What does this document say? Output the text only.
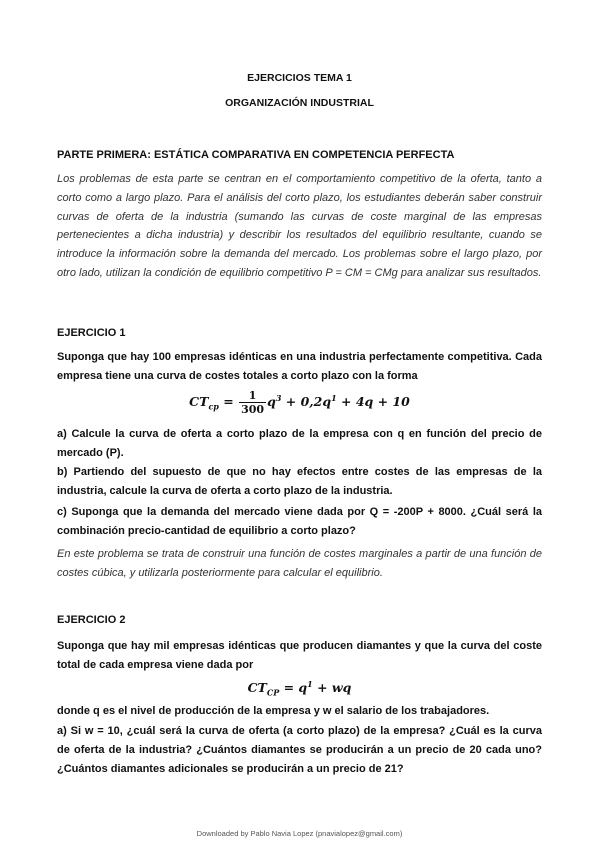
EJERCICIOS TEMA 1
ORGANIZACIÓN INDUSTRIAL
PARTE PRIMERA: ESTÁTICA COMPARATIVA EN COMPETENCIA PERFECTA
Los problemas de esta parte se centran en el comportamiento competitivo de la oferta, tanto a corto como a largo plazo. Para el análisis del corto plazo, los estudiantes deberán saber construir curvas de oferta de la industria (sumando las curvas de coste marginal de las empresas pertenecientes a dicha industria) y describir los resultados del equilibrio resultante, cuando se introduce la información sobre la demanda del mercado. Los problemas sobre el largo plazo, por otro lado, utilizan la condición de equilibrio competitivo P = CM = CMg para analizar sus resultados.
EJERCICIO 1
Suponga que hay 100 empresas idénticas en una industria perfectamente competitiva. Cada empresa tiene una curva de costes totales a corto plazo con la forma
$CT_{cp} = \frac{1}{300} q^3 + 0,2q^1 + 4q + 10$
a) Calcule la curva de oferta a corto plazo de la empresa con q en función del precio de mercado (P).
b) Partiendo del supuesto de que no hay efectos entre costes de las empresas de la industria, calcule la curva de oferta a corto plazo de la industria.
c) Suponga que la demanda del mercado viene dada por Q = -200P + 8000. ¿Cuál será la combinación precio-cantidad de equilibrio a corto plazo?
En este problema se trata de construir una función de costes marginales a partir de una función de costes cúbica, y utilizarla posteriormente para calcular el equilibrio.
EJERCICIO 2
Suponga que hay mil empresas idénticas que producen diamantes y que la curva del coste total de cada empresa viene dada por
$CT_{CP} = q^1$ + wq
donde q es el nivel de producción de la empresa y w el salario de los trabajadores.
a) Si w = 10, ¿cuál será la curva de oferta (a corto plazo) de la empresa? ¿Cuál es la curva de oferta de la industria? ¿Cuántos diamantes se producirán a un precio de 20 cada uno? ¿Cuántos diamantes adicionales se producirán a un precio de 21?
Downloaded by Pablo Navia Lopez (pnavialopez@gmail.com)
